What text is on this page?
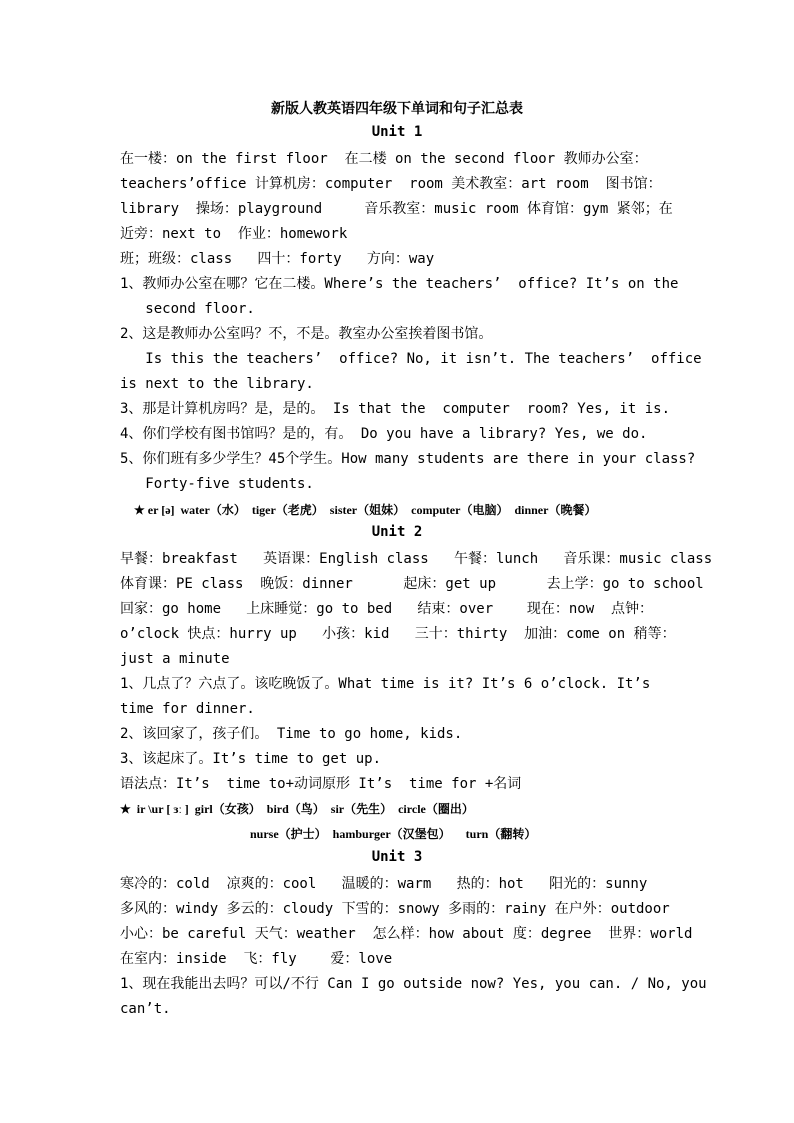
新版人教英语四年级下单词和句子汇总表
Unit 1
在一楼：on the first floor  在二楼 on the second floor 教师办公室：
teachers’office 计算机房：computer  room 美术教室：art room  图书馆：
library  操场：playground     音乐教室：music room 体育馆：gym 紧邻；在
近旁：next to  作业：homework
班；班级：class   四十：forty   方向：way
1、教师办公室在哪？它在二楼。Where’s the teachers’  office? It’s on the
second floor.
2、这是教师办公室吗？不，不是。教室办公室挨着图书馆。
Is this the teachers’  office? No, it isn’t. The teachers’  office
is next to the library.
3、那是计算机房吗？是，是的。 Is that the  computer  room? Yes, it is.
4、你们学校有图书馆吗？是的，有。 Do you have a library? Yes, we do.
5、你们班有多少学生？45个学生。How many students are there in your class?
Forty-five students.
★ er [ə]  water（水）  tiger（老虎）  sister（姐妹）  computer（电脑）  dinner（晚餐）
Unit 2
早餐：breakfast   英语课：English class   午餐：lunch   音乐课：music class
体育课：PE class  晚饭：dinner      起床：get up      去上学：go to school
回家：go home   上床睡觉：go to bed   结束：over    现在：now  点钟：
o’clock 快点：hurry up   小孩：kid   三十：thirty  加油：come on 稍等：
just a minute
1、几点了？六点了。该吃晚饭了。What time is it? It’s 6 o’clock. It’s
time for dinner.
2、该回家了，孩子们。 Time to go home, kids.
3、该起床了。It’s time to get up.
语法点：It’s  time to+动词原形 It’s  time for +名词
★  ir \ur [ ɜː ]  girl（女孩）  bird（鸟）  sir（先生）  circle（圈出）
nurse（护士）  hamburger（汉堡包）     turn（翻转）
Unit 3
寒冷的：cold  凉爽的：cool   温暖的：warm   热的：hot   阳光的：sunny
多风的：windy 多云的：cloudy 下雪的：snowy 多雨的：rainy 在户外：outdoor
小心：be careful 天气：weather  怎么样：how about 度：degree  世界：world
在室内：inside  飞：fly    爱：love
1、现在我能出去吗？可以/不行 Can I go outside now? Yes, you can. / No, you
can’t.
